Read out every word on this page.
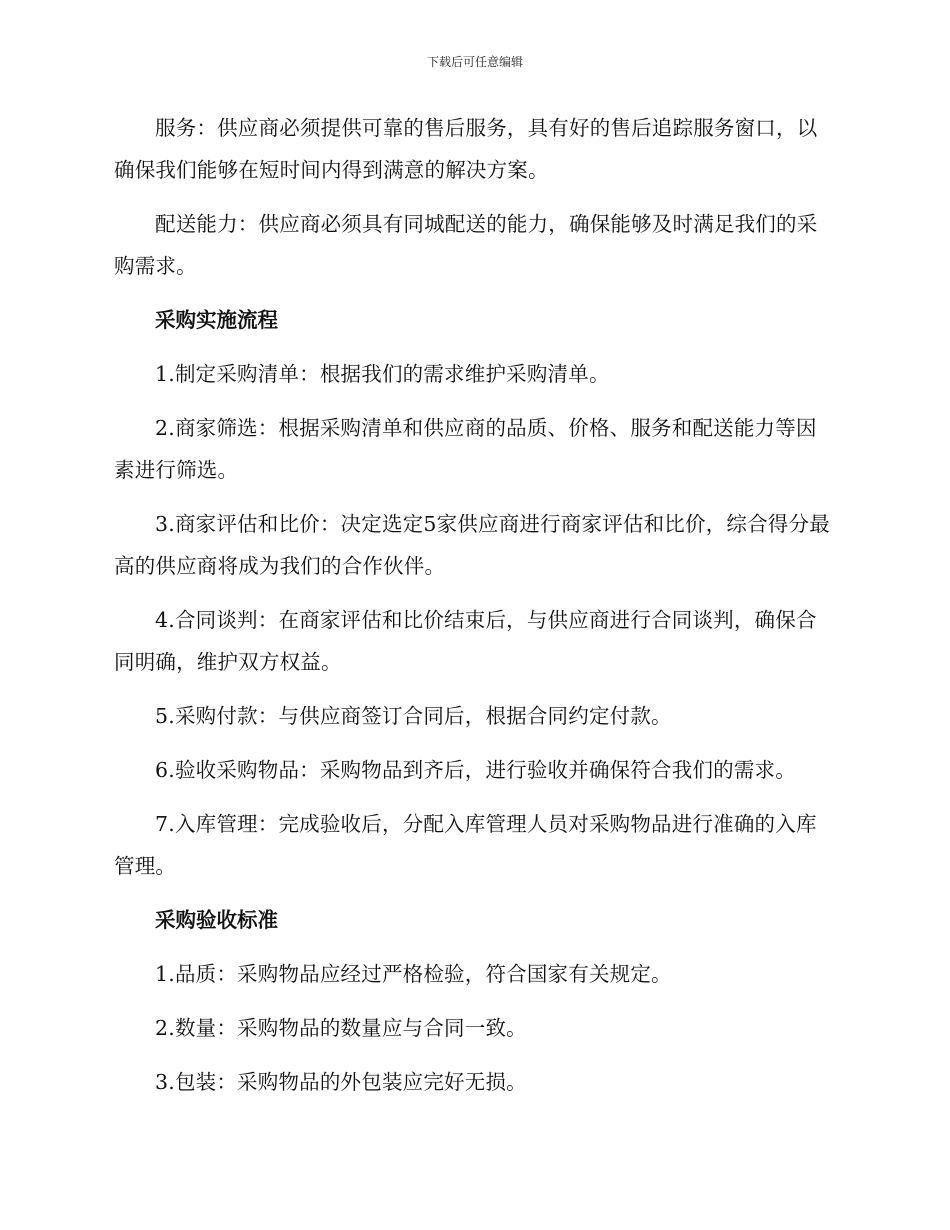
下载后可任意编辑

服务：供应商必须提供可靠的售后服务，具有好的售后追踪服务窗口，以确保我们能够在短时间内得到满意的解决方案。

配送能力：供应商必须具有同城配送的能力，确保能够及时满足我们的采购需求。

采购实施流程

1.制定采购清单：根据我们的需求维护采购清单。

2.商家筛选：根据采购清单和供应商的品质、价格、服务和配送能力等因素进行筛选。

3.商家评估和比价：决定选定5家供应商进行商家评估和比价，综合得分最高的供应商将成为我们的合作伙伴。

4.合同谈判：在商家评估和比价结束后，与供应商进行合同谈判，确保合同明确，维护双方权益。

5.采购付款：与供应商签订合同后，根据合同约定付款。

6.验收采购物品：采购物品到齐后，进行验收并确保符合我们的需求。

7.入库管理：完成验收后，分配入库管理人员对采购物品进行准确的入库管理。

采购验收标准

1.品质：采购物品应经过严格检验，符合国家有关规定。

2.数量：采购物品的数量应与合同一致。

3.包装：采购物品的外包装应完好无损。
